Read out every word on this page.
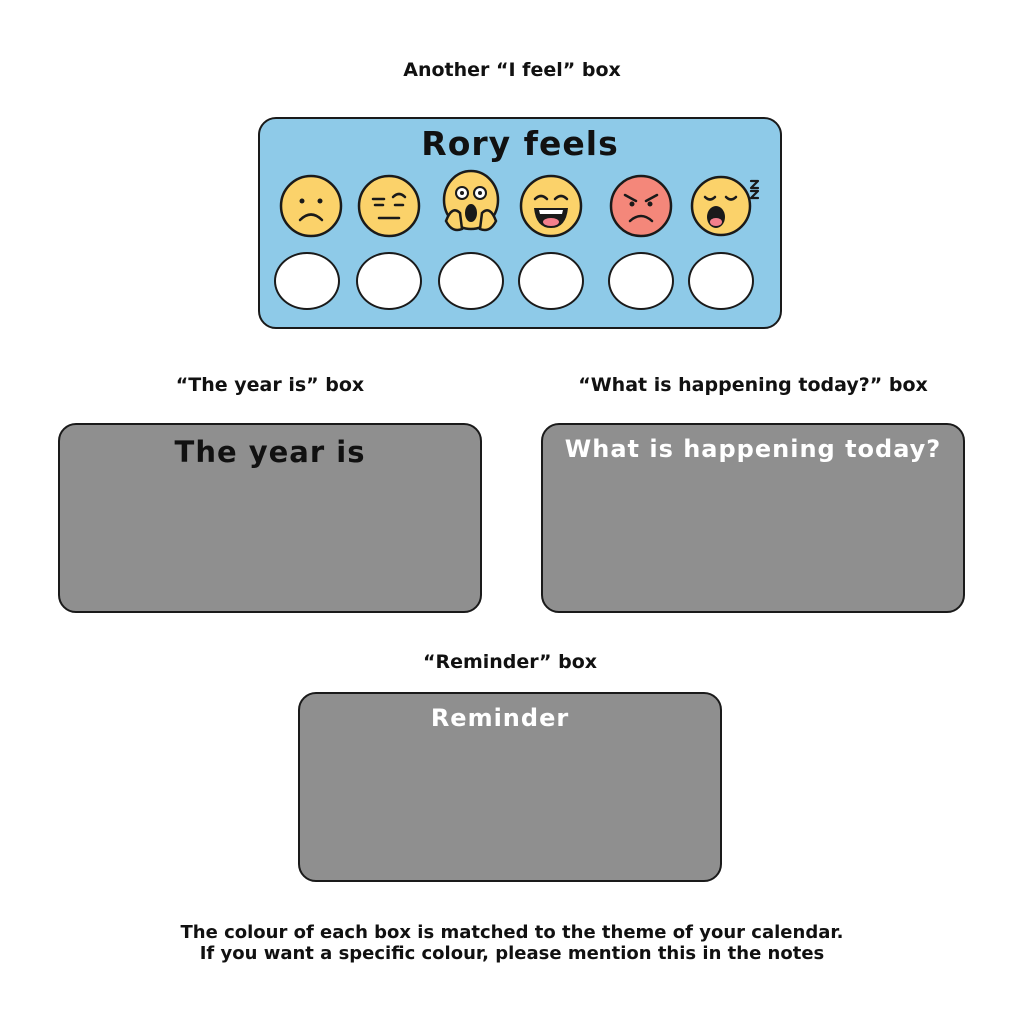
Another “I feel” box
Rory feels
“The year is” box
The year is
“What is happening today?” box
What is happening today?
“Reminder” box
Reminder
The colour of each box is matched to the theme of your calendar.
If you want a specific colour, please mention this in the notes
